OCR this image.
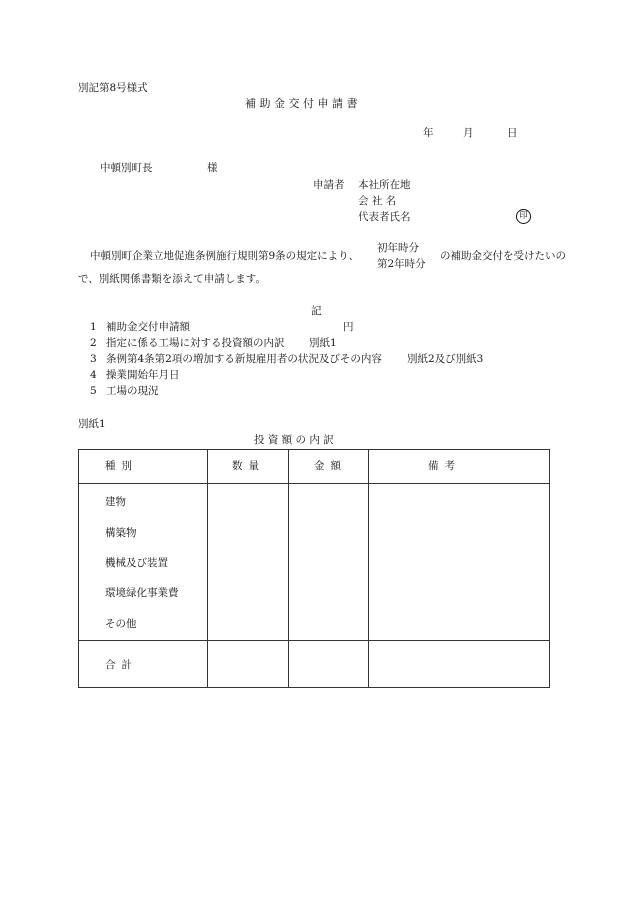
別記第8号様式
補 助 金 交 付 申 請 書
年	月	日
中頓別町長	様
申請者 本社所在地
会 社 名
代表者氏名	印
中頓別町企業立地促進条例施行規則第9条の規定により、
初年時分
第2年時分
の補助金交付を受けたいの
で、別紙関係書類を添えて申請します。
記
1 補助金交付申請額	円
2 指定に係る工場に対する投資額の内訳 別紙1
3 条例第4条第2項の増加する新規雇用者の状況及びその内容 別紙2及び別紙3
4 操業開始年月日
5 工場の現況
別紙1
投 資 額 の 内 訳
種別	数量	金額	備考
建物
構築物
機械及び装置
環境緑化事業費
その他
合計
